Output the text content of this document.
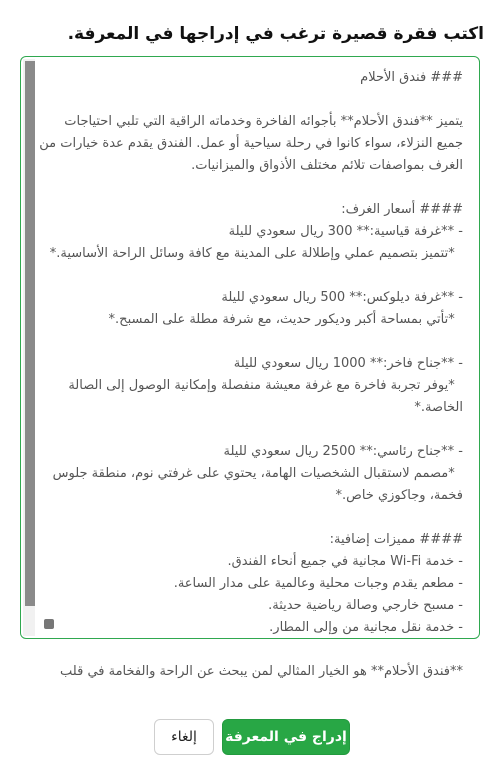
اكتب فقرة قصيرة ترغب في إدراجها في المعرفة.
### فندق الأحلام

يتميز **فندق الأحلام** بأجوائه الفاخرة وخدماته الراقية التي تلبي احتياجات جميع النزلاء، سواء كانوا في رحلة سياحية أو عمل. الفندق يقدم عدة خيارات من الغرف بمواصفات تلائم مختلف الأذواق والميزانيات.

#### أسعار الغرف:
- **غرفة قياسية:** 300 ريال سعودي لليلة
*تتميز بتصميم عملي وإطلالة على المدينة مع كافة وسائل الراحة الأساسية.*

- **غرفة ديلوكس:** 500 ريال سعودي لليلة
*تأتي بمساحة أكبر وديكور حديث، مع شرفة مطلة على المسبح.*

- **جناح فاخر:** 1000 ريال سعودي لليلة
*يوفر تجربة فاخرة مع غرفة معيشة منفصلة وإمكانية الوصول إلى الصالة الخاصة.*

- **جناح رئاسي:** 2500 ريال سعودي لليلة
*مصمم لاستقبال الشخصيات الهامة، يحتوي على غرفتي نوم، منطقة جلوس فخمة، وجاكوزي خاص.*

#### مميزات إضافية:
- خدمة Wi-Fi مجانية في جميع أنحاء الفندق.
- مطعم يقدم وجبات محلية وعالمية على مدار الساعة.
- مسبح خارجي وصالة رياضية حديثة.
- خدمة نقل مجانية من وإلى المطار.

**فندق الأحلام** هو الخيار المثالي لمن يبحث عن الراحة والفخامة في قلب
إدراج في المعرفة
إلغاء
